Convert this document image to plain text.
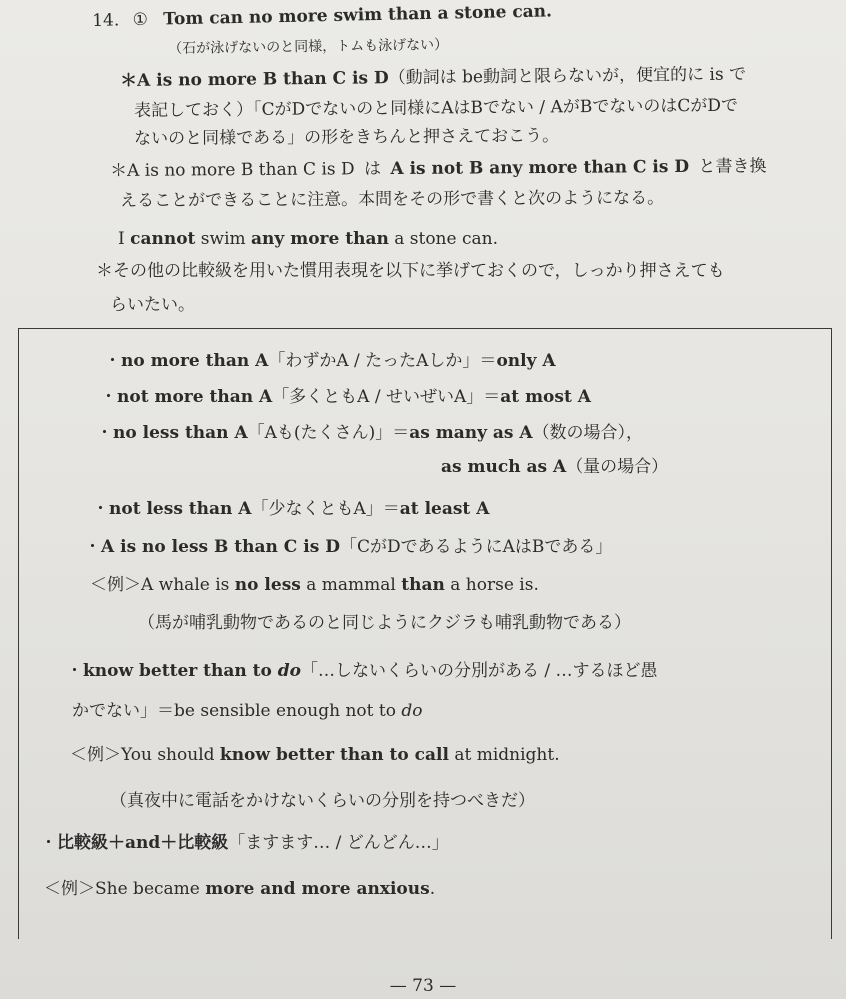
14. ① Tom can no more swim than a stone can.
（石が泳げないのと同様，トムも泳げない）
＊A is no more B than C is D（動詞は be動詞と限らないが，便宜的に is で
表記しておく）「CがDでないのと同様にAはBでない / AがBでないのはCがDで
ないのと同様である」の形をきちんと押さえておこう。
＊A is no more B than C is D は A is not B any more than C is D と書き換
えることができることに注意。本問をその形で書くと次のようになる。
I cannot swim any more than a stone can.
＊その他の比較級を用いた慣用表現を以下に挙げておくので，しっかり押さえても
らいたい。
・no more than A「わずかA / たったAしか」＝only A
・not more than A「多くともA / せいぜいA」＝at most A
・no less than A「Aも(たくさん)」＝as many as A（数の場合），
as much as A（量の場合）
・not less than A「少なくともA」＝at least A
・A is no less B than C is D「CがDであるようにAはBである」
＜例＞A whale is no less a mammal than a horse is.
（馬が哺乳動物であるのと同じようにクジラも哺乳動物である）
・know better than to do「…しないくらいの分別がある / …するほど愚
かでない」＝be sensible enough not to do
＜例＞You should know better than to call at midnight.
（真夜中に電話をかけないくらいの分別を持つべきだ）
・比較級＋and＋比較級「ますます… / どんどん…」
＜例＞She became more and more anxious.
— 73 —
